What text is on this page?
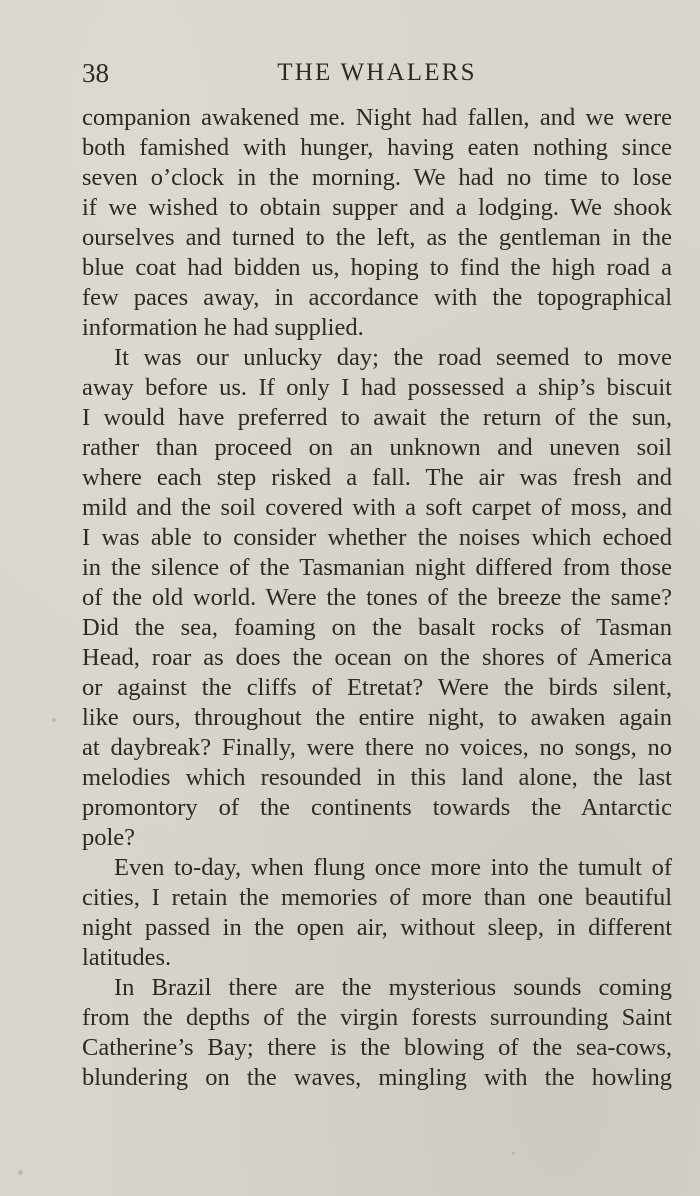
38	THE WHALERS
companion awakened me. Night had fallen, and we were
both famished with hunger, having eaten nothing since
seven o’clock in the morning. We had no time to lose
if we wished to obtain supper and a lodging. We shook
ourselves and turned to the left, as the gentleman in the
blue coat had bidden us, hoping to find the high road a
few paces away, in accordance with the topographical
information he had supplied.
It was our unlucky day; the road seemed to move
away before us. If only I had possessed a ship’s biscuit
I would have preferred to await the return of the sun,
rather than proceed on an unknown and uneven soil
where each step risked a fall. The air was fresh and
mild and the soil covered with a soft carpet of moss, and
I was able to consider whether the noises which echoed
in the silence of the Tasmanian night differed from those
of the old world. Were the tones of the breeze the same?
Did the sea, foaming on the basalt rocks of Tasman
Head, roar as does the ocean on the shores of America
or against the cliffs of Etretat? Were the birds silent,
like ours, throughout the entire night, to awaken again
at daybreak? Finally, were there no voices, no songs, no
melodies which resounded in this land alone, the last
promontory of the continents towards the Antarctic
pole?
Even to-day, when flung once more into the tumult of
cities, I retain the memories of more than one beautiful
night passed in the open air, without sleep, in different
latitudes.
In Brazil there are the mysterious sounds coming
from the depths of the virgin forests surrounding Saint
Catherine’s Bay; there is the blowing of the sea-cows,
blundering on the waves, mingling with the howling
